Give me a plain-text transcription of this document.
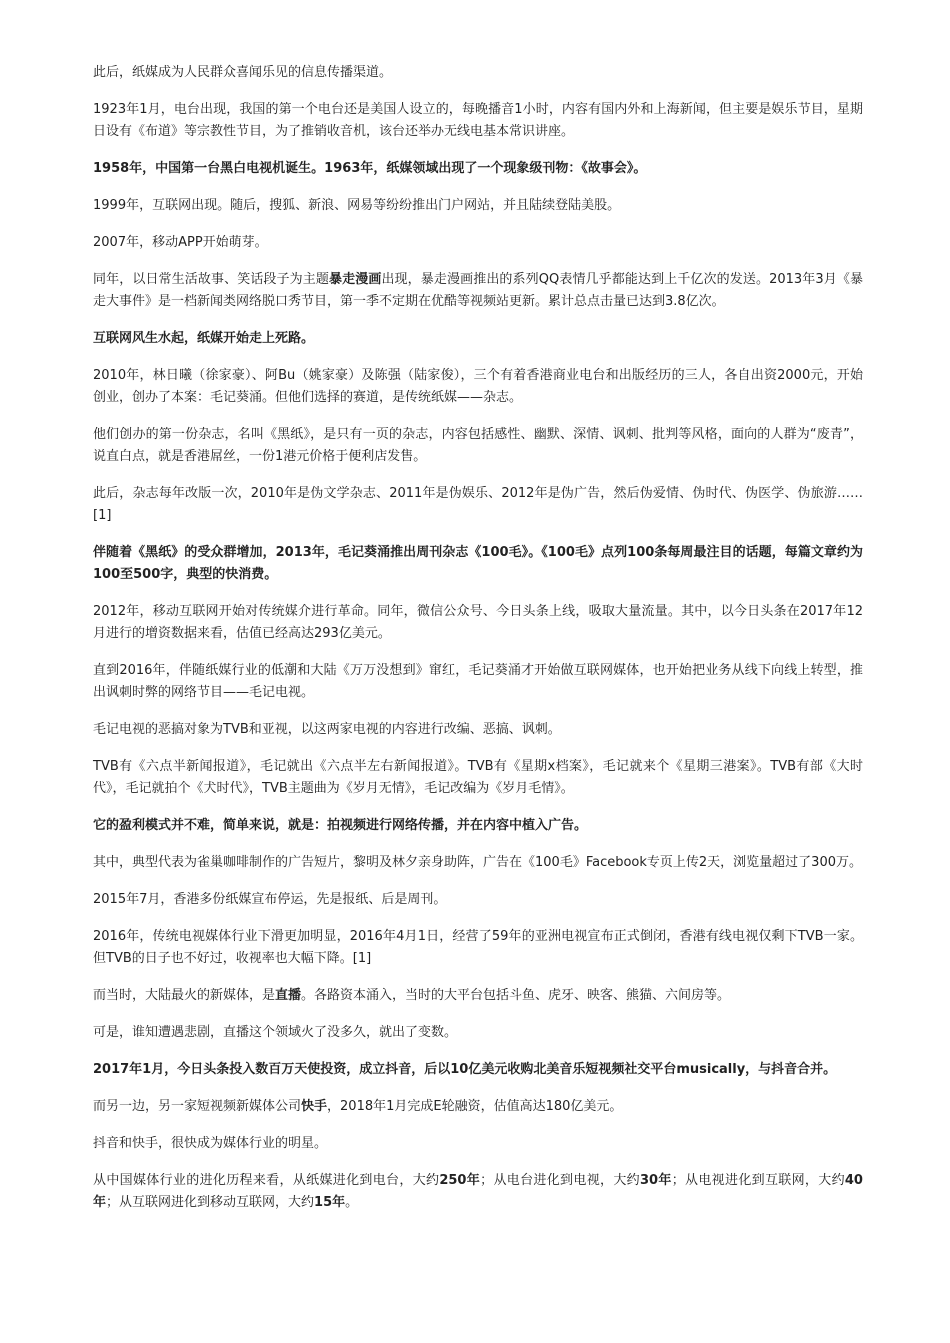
此后，纸媒成为人民群众喜闻乐见的信息传播渠道。

1923年1月，电台出现，我国的第一个电台还是美国人设立的，每晚播音1小时，内容有国内外和上海新闻，但主要是娱乐节目，星期日设有《布道》等宗教性节目，为了推销收音机，该台还举办无线电基本常识讲座。

1958年，中国第一台黑白电视机诞生。1963年，纸媒领域出现了一个现象级刊物：《故事会》。

1999年，互联网出现。随后，搜狐、新浪、网易等纷纷推出门户网站，并且陆续登陆美股。

2007年，移动APP开始萌芽。

同年，以日常生活故事、笑话段子为主题暴走漫画出现，暴走漫画推出的系列QQ表情几乎都能达到上千亿次的发送。2013年3月《暴走大事件》是一档新闻类网络脱口秀节目，第一季不定期在优酷等视频站更新。累计总点击量已达到3.8亿次。

互联网风生水起，纸媒开始走上死路。

2010年，林日曦（徐家豪）、阿Bu（姚家豪）及陈强（陆家俊），三个有着香港商业电台和出版经历的三人，各自出资2000元，开始创业，创办了本案：毛记葵涌。但他们选择的赛道，是传统纸媒——杂志。

他们创办的第一份杂志，名叫《黑纸》，是只有一页的杂志，内容包括感性、幽默、深情、讽刺、批判等风格，面向的人群为“废青”，说直白点，就是香港屌丝，一份1港元价格于便利店发售。

此后，杂志每年改版一次，2010年是伪文学杂志、2011年是伪娱乐、2012年是伪广告，然后伪爱情、伪时代、伪医学、伪旅游……[1]

伴随着《黑纸》的受众群增加，2013年，毛记葵涌推出周刊杂志《100毛》。《100毛》点列100条每周最注目的话题，每篇文章约为100至500字，典型的快消费。

2012年，移动互联网开始对传统媒介进行革命。同年，微信公众号、今日头条上线，吸取大量流量。其中，以今日头条在2017年12月进行的增资数据来看，估值已经高达293亿美元。

直到2016年，伴随纸媒行业的低潮和大陆《万万没想到》窜红，毛记葵涌才开始做互联网媒体，也开始把业务从线下向线上转型，推出讽刺时弊的网络节目——毛记电视。

毛记电视的恶搞对象为TVB和亚视，以这两家电视的内容进行改编、恶搞、讽刺。

TVB有《六点半新闻报道》，毛记就出《六点半左右新闻报道》。TVB有《星期x档案》，毛记就来个《星期三港案》。TVB有部《大时代》，毛记就拍个《犬时代》，TVB主题曲为《岁月无情》，毛记改编为《岁月毛情》。

它的盈利模式并不难，简单来说，就是：拍视频进行网络传播，并在内容中植入广告。

其中，典型代表为雀巢咖啡制作的广告短片，黎明及林夕亲身助阵，广告在《100毛》Facebook专页上传2天，浏览量超过了300万。

2015年7月，香港多份纸媒宣布停运，先是报纸、后是周刊。

2016年，传统电视媒体行业下滑更加明显，2016年4月1日，经营了59年的亚洲电视宣布正式倒闭，香港有线电视仅剩下TVB一家。但TVB的日子也不好过，收视率也大幅下降。[1]

而当时，大陆最火的新媒体，是直播。各路资本涌入，当时的大平台包括斗鱼、虎牙、映客、熊猫、六间房等。

可是，谁知遭遇悲剧，直播这个领域火了没多久，就出了变数。

2017年1月，今日头条投入数百万天使投资，成立抖音，后以10亿美元收购北美音乐短视频社交平台musically，与抖音合并。

而另一边，另一家短视频新媒体公司快手，2018年1月完成E轮融资，估值高达180亿美元。

抖音和快手，很快成为媒体行业的明星。

从中国媒体行业的进化历程来看，从纸媒进化到电台，大约250年；从电台进化到电视，大约30年；从电视进化到互联网，大约40年；从互联网进化到移动互联网，大约15年。
